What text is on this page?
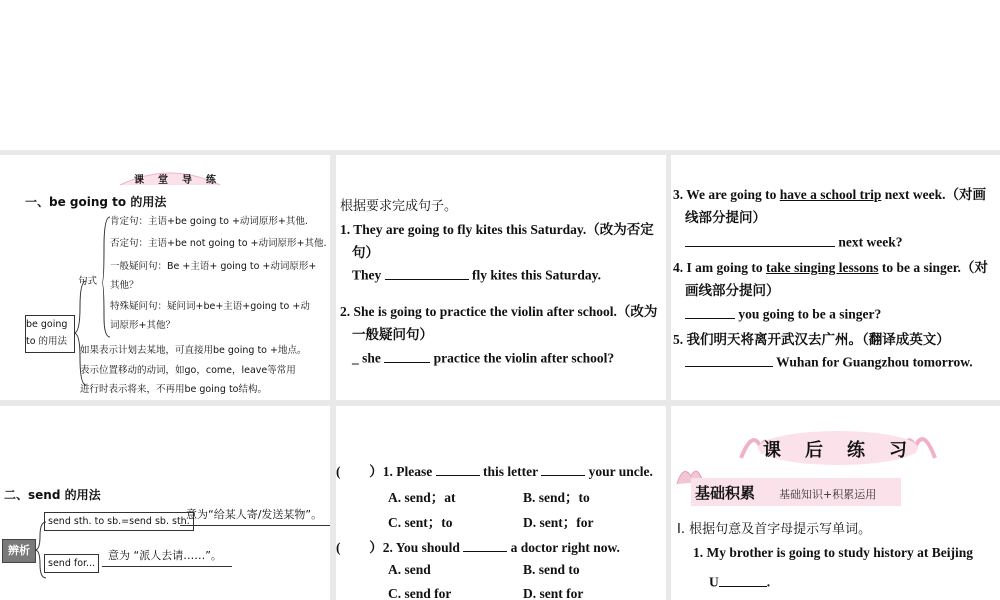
课堂导练
一、be going to 的用法
be going to 的用法
句式
肯定句：主语+be going to +动词原形+其他.
否定句：主语+be not going to +动词原形+其他.
一般疑问句：Be +主语+ going to +动词原形+
其他？
特殊疑问句：疑问词+be+主语+going to +动
词原形+其他？
如果表示计划去某地，可直接用be going to +地点。
表示位置移动的动词，如go，come，leave等常用
进行时表示将来，不再用be going to结构。
根据要求完成句子。
1. They are going to fly kites this Saturday.（改为否定
句）
They	fly kites this Saturday.
2. She is going to practice the violin after school.（改为
一般疑问句）
_ she	practice the violin after school?
3. We are going to have a school trip next week.（对画
线部分提问）
next week?
4. I am going to take singing lessons to be a singer.（对
画线部分提问）
you going to be a singer?
5. 我们明天将离开武汉去广州。（翻译成英文）
Wuhan for Guangzhou tomorrow.
二、send 的用法
辨析
send sth. to sb.=send sb. sth.
意为“给某人寄/发送某物”。
send for...
意为 “派人去请……”。
( ）1. Please	this letter	your uncle.
A. send；at	B. send；to
C. sent；to	D. sent；for
( ）2. You should	a doctor right now.
A. send	B. send to
C. send for	D. sent for
课后练习
基础积累 基础知识+积累运用
Ⅰ. 根据句意及首字母提示写单词。
1. My brother is going to study history at Beijing
U	.
